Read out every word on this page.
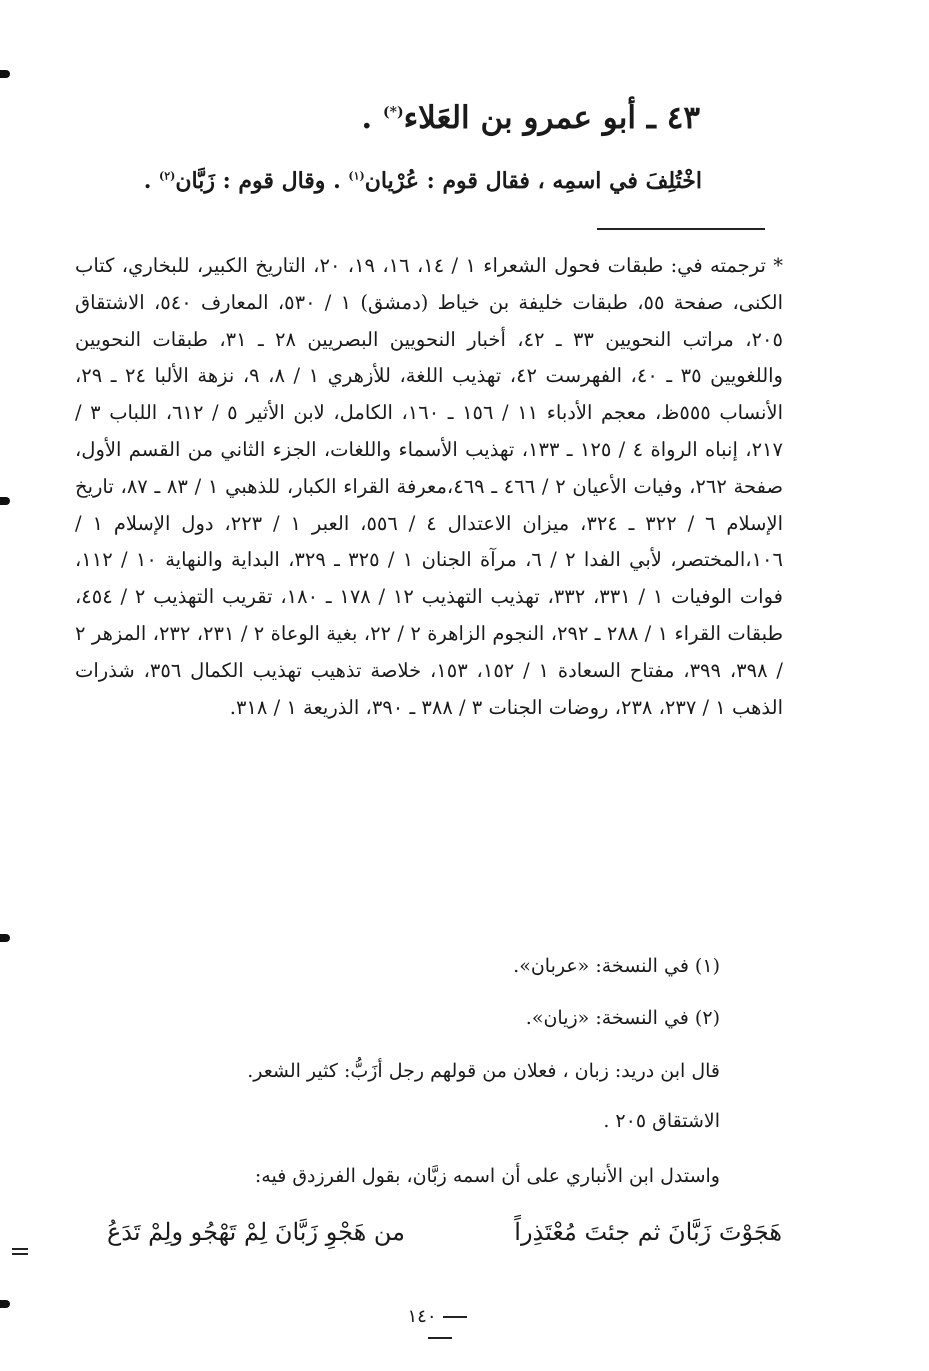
٤٣ ـ أبو عمرو بن العَلاء(*) .
اخْتُلِفَ في اسمِه ، فقال قوم : عُرْيان$^{(١)}$ . وقال قوم : زَبَّان$^{(٢)}$ .
* ترجمته في: طبقات فحول الشعراء ١ / ١٤، ١٦، ١٩، ٢٠، التاريخ الكبير، للبخاري، كتاب الكنى، صفحة ٥٥، طبقات خليفة بن خياط (دمشق) ١ / ٥٣٠، المعارف ٥٤٠، الاشتقاق ٢٠٥، مراتب النحويين ٣٣ ـ ٤٢، أخبار النحويين البصريين ٢٨ ـ ٣١، طبقات النحويين واللغويين ٣٥ ـ ٤٠، الفهرست ٤٢، تهذيب اللغة، للأزهري ١ / ٨، ٩، نزهة الألبا ٢٤ ـ ٢٩، الأنساب ٥٥٥ظ، معجم الأدباء ١١ / ١٥٦ ـ ١٦٠، الكامل، لابن الأثير ٥ / ٦١٢، اللباب ٣ / ٢١٧، إنباه الرواة ٤ / ١٢٥ ـ ١٣٣، تهذيب الأسماء واللغات، الجزء الثاني من القسم الأول، صفحة ٢٦٢، وفيات الأعيان ٢ / ٤٦٦ ـ ٤٦٩،معرفة القراء الكبار، للذهبي ١ / ٨٣ ـ ٨٧، تاريخ الإسلام ٦ / ٣٢٢ ـ ٣٢٤، ميزان الاعتدال ٤ / ٥٥٦، العبر ١ / ٢٢٣، دول الإسلام ١ / ١٠٦،المختصر، لأبي الفدا ٢ / ٦، مرآة الجنان ١ / ٣٢٥ ـ ٣٢٩، البداية والنهاية ١٠ / ١١٢، فوات الوفيات ١ / ٣٣١، ٣٣٢، تهذيب التهذيب ١٢ / ١٧٨ ـ ١٨٠، تقريب التهذيب ٢ / ٤٥٤، طبقات القراء ١ / ٢٨٨ ـ ٢٩٢، النجوم الزاهرة ٢ / ٢٢، بغية الوعاة ٢ / ٢٣١، ٢٣٢، المزهر ٢ / ٣٩٨، ٣٩٩، مفتاح السعادة ١ / ١٥٢، ١٥٣، خلاصة تذهيب تهذيب الكمال ٣٥٦، شذرات الذهب ١ / ٢٣٧، ٢٣٨، روضات الجنات ٣ / ٣٨٨ ـ ٣٩٠، الذريعة ١ / ٣١٨.
(١) في النسخة: «عربان».
(٢) في النسخة: «زيان».
قال ابن دريد: زبان ، فعلان من قولهم رجل أزَبُّ: كثير الشعر.
الاشتقاق ٢٠٥ .
واستدل ابن الأنباري على أن اسمه زبَّان، بقول الفرزدق فيه:
هَجَوْتَ زَبَّانَ ثم جئتَ مُعْتَذِراً
من هَجْوِ زَبَّانَ لِمْ تَهْجُو ولِمْ تَدَعُ
١٤٠
